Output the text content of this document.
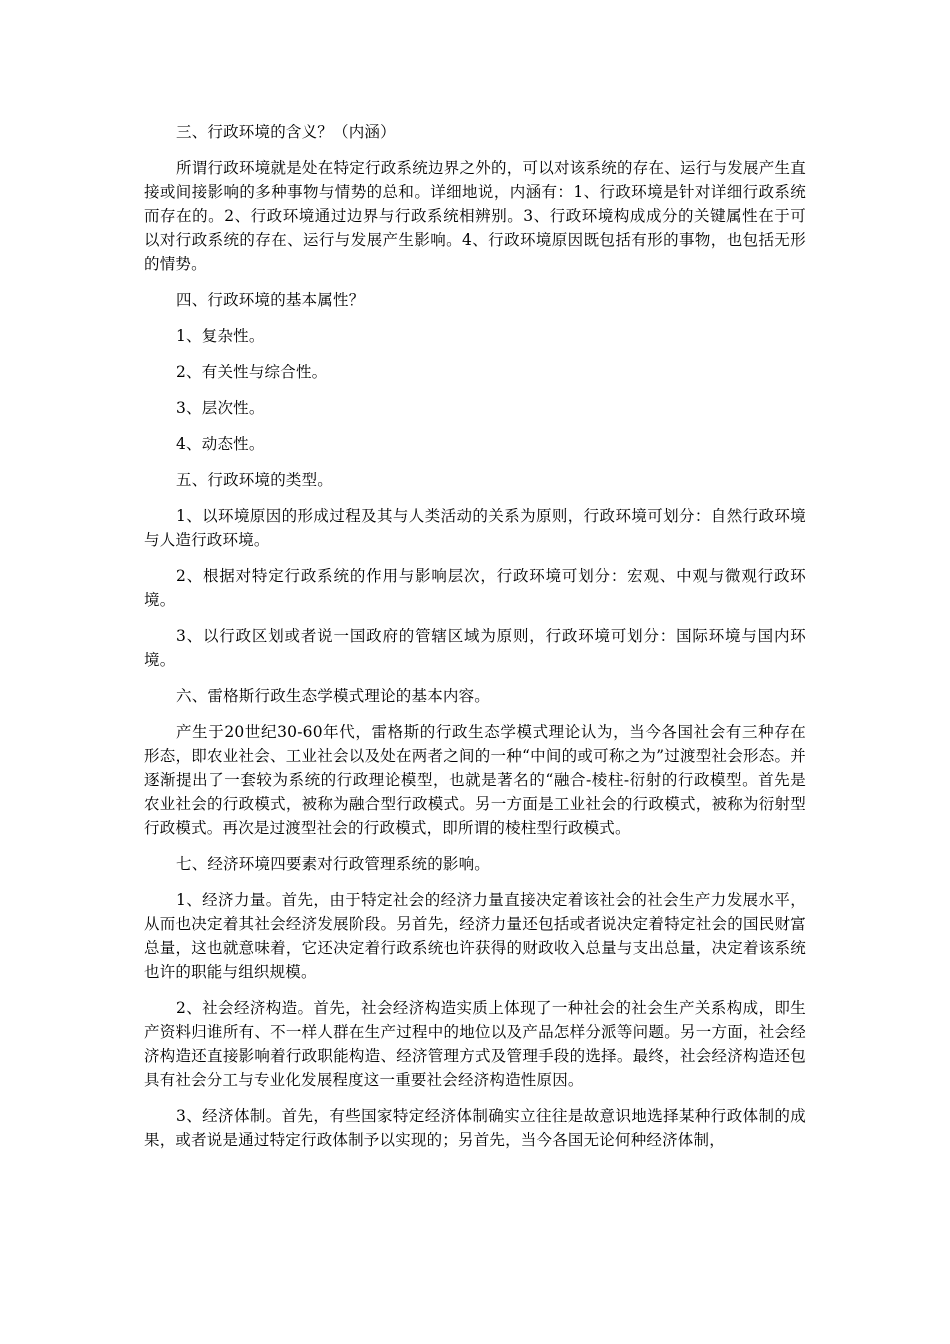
三、行政环境的含义？（内涵）

所谓行政环境就是处在特定行政系统边界之外的，可以对该系统的存在、运行与发展产生直接或间接影响的多种事物与情势的总和。详细地说，内涵有：1、行政环境是针对详细行政系统而存在的。2、行政环境通过边界与行政系统相辨别。3、行政环境构成成分的关键属性在于可以对行政系统的存在、运行与发展产生影响。4、行政环境原因既包括有形的事物，也包括无形的情势。

四、行政环境的基本属性？

1、复杂性。

2、有关性与综合性。

3、层次性。

4、动态性。

五、行政环境的类型。

1、以环境原因的形成过程及其与人类活动的关系为原则，行政环境可划分：自然行政环境与人造行政环境。

2、根据对特定行政系统的作用与影响层次，行政环境可划分：宏观、中观与微观行政环境。

3、以行政区划或者说一国政府的管辖区域为原则，行政环境可划分：国际环境与国内环境。

六、雷格斯行政生态学模式理论的基本内容。

产生于20世纪30-60年代，雷格斯的行政生态学模式理论认为，当今各国社会有三种存在形态，即农业社会、工业社会以及处在两者之间的一种“中间的或可称之为”过渡型社会形态。并逐渐提出了一套较为系统的行政理论模型，也就是著名的“融合-棱柱-衍射的行政模型。首先是农业社会的行政模式，被称为融合型行政模式。另一方面是工业社会的行政模式，被称为衍射型行政模式。再次是过渡型社会的行政模式，即所谓的棱柱型行政模式。

七、经济环境四要素对行政管理系统的影响。

1、经济力量。首先，由于特定社会的经济力量直接决定着该社会的社会生产力发展水平，从而也决定着其社会经济发展阶段。另首先，经济力量还包括或者说决定着特定社会的国民财富总量，这也就意味着，它还决定着行政系统也许获得的财政收入总量与支出总量，决定着该系统也许的职能与组织规模。

2、社会经济构造。首先，社会经济构造实质上体现了一种社会的社会生产关系构成，即生产资料归谁所有、不一样人群在生产过程中的地位以及产品怎样分派等问题。另一方面，社会经济构造还直接影响着行政职能构造、经济管理方式及管理手段的选择。最终，社会经济构造还包具有社会分工与专业化发展程度这一重要社会经济构造性原因。

3、经济体制。首先，有些国家特定经济体制确实立往往是故意识地选择某种行政体制的成果，或者说是通过特定行政体制予以实现的；另首先，当今各国无论何种经济体制，
